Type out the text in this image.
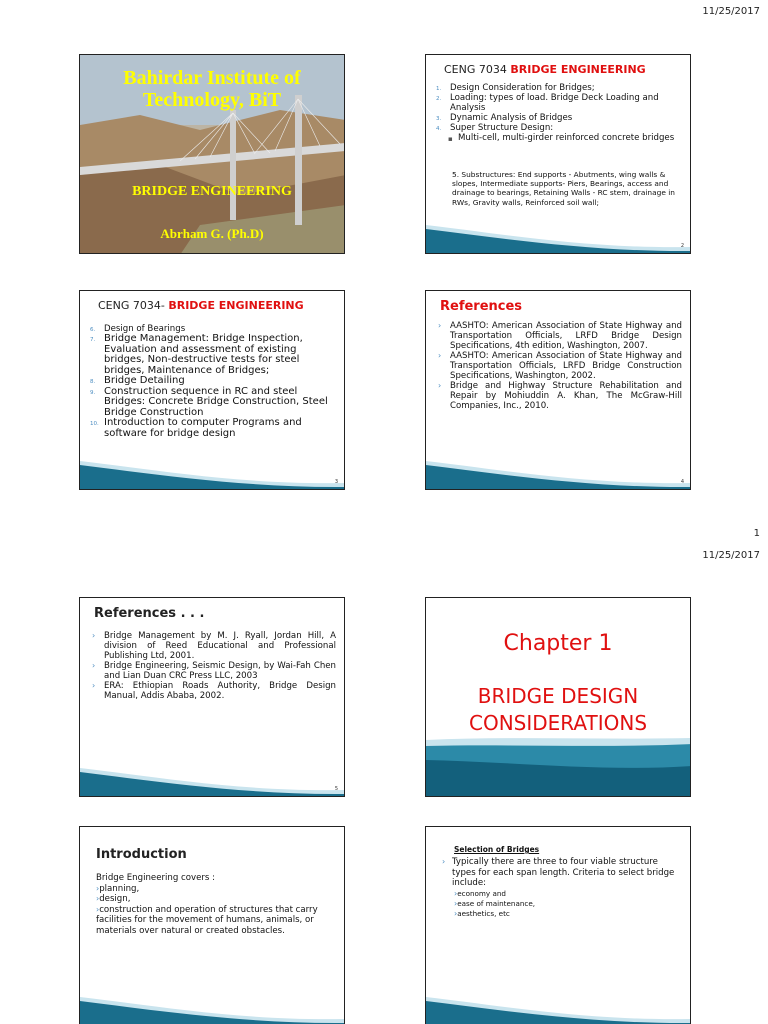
11/25/2017
Bahirdar Institute of
Technology, BiT
BRIDGE ENGINEERING
Abrham G. (Ph.D)
CENG 7034 BRIDGE ENGINEERING
1. Design Consideration for Bridges;
2. Loading: types of load. Bridge Deck Loading and Analysis
3. Dynamic Analysis of Bridges
4. Super Structure Design:
▪ Multi-cell, multi-girder reinforced concrete bridges
5. Substructures: End supports - Abutments, wing walls & slopes, Intermediate supports- Piers, Bearings, access and drainage to bearings, Retaining Walls - RC stem, drainage in RWs, Gravity walls, Reinforced soil wall;
2
CENG 7034- BRIDGE ENGINEERING
6. Design of Bearings
7. Bridge Management: Bridge Inspection, Evaluation and assessment of existing bridges, Non-destructive tests for steel bridges, Maintenance of Bridges;
8. Bridge Detailing
9. Construction sequence in RC and steel Bridges: Concrete Bridge Construction, Steel Bridge Construction
10. Introduction to computer Programs and software for bridge design
3
References
› AASHTO: American Association of State Highway and Transportation Officials, LRFD Bridge Design Specifications, 4th edition, Washington, 2007.
› AASHTO: American Association of State Highway and Transportation Officials, LRFD Bridge Construction Specifications, Washington, 2002.
› Bridge and Highway Structure Rehabilitation and Repair by Mohiuddin A. Khan, The McGraw-Hill Companies, Inc., 2010.
4
1
11/25/2017
References . . .
› Bridge Management by M. J. Ryall, Jordan Hill, A division of Reed Educational and Professional Publishing Ltd, 2001.
› Bridge Engineering, Seismic Design, by Wai-Fah Chen and Lian Duan CRC Press LLC, 2003
› ERA: Ethiopian Roads Authority, Bridge Design Manual, Addis Ababa, 2002.
5
Chapter 1
BRIDGE DESIGN
CONSIDERATIONS
Introduction
Bridge Engineering covers :
›planning,
›design,
›construction and operation of structures that carry facilities for the movement of humans, animals, or materials over natural or created obstacles.
Selection of Bridges
› Typically there are three to four viable structure types for each span length. Criteria to select bridge include:
›economy and
›ease of maintenance,
›aesthetics, etc
